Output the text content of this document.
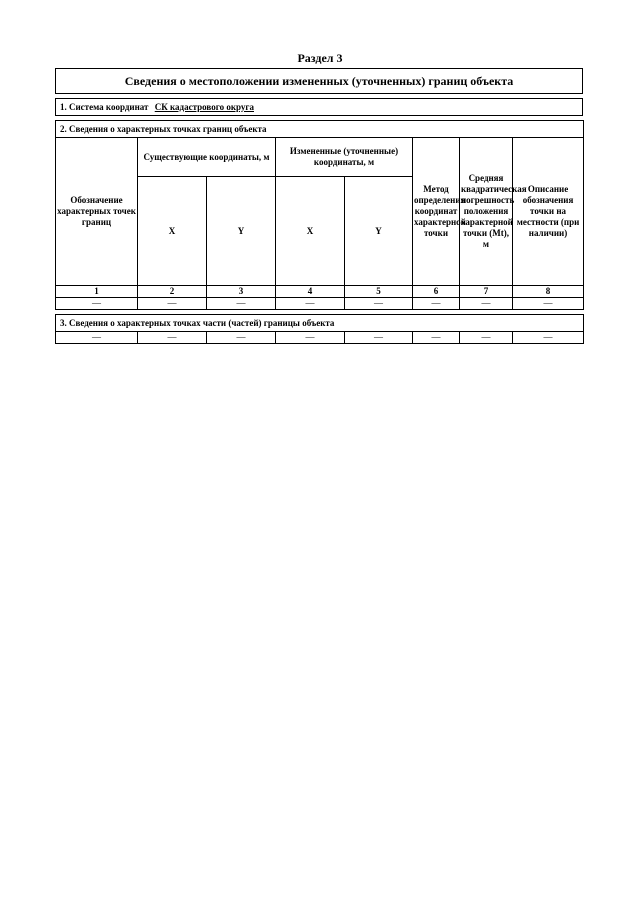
Раздел 3
Сведения о местоположении измененных (уточненных) границ объекта
1. Система координат СК кадастрового округа
2. Сведения о характерных точках границ объекта							
Обозначение характерных точек границ	Существующие координаты, м		Измененные (уточненные) координаты, м		Метод определения координат характерной точки	Средняя квадратическая погрешность положения характерной точки (Mt), м	Описание обозначения точки на местности (при наличии)
	X	Y	X	Y			
1	2	3	4	5	6	7	8
—	—	—	—	—	—	—	—
3. Сведения о характерных точках части (частей) границы объекта
—	—	—	—	—	—	—	—
